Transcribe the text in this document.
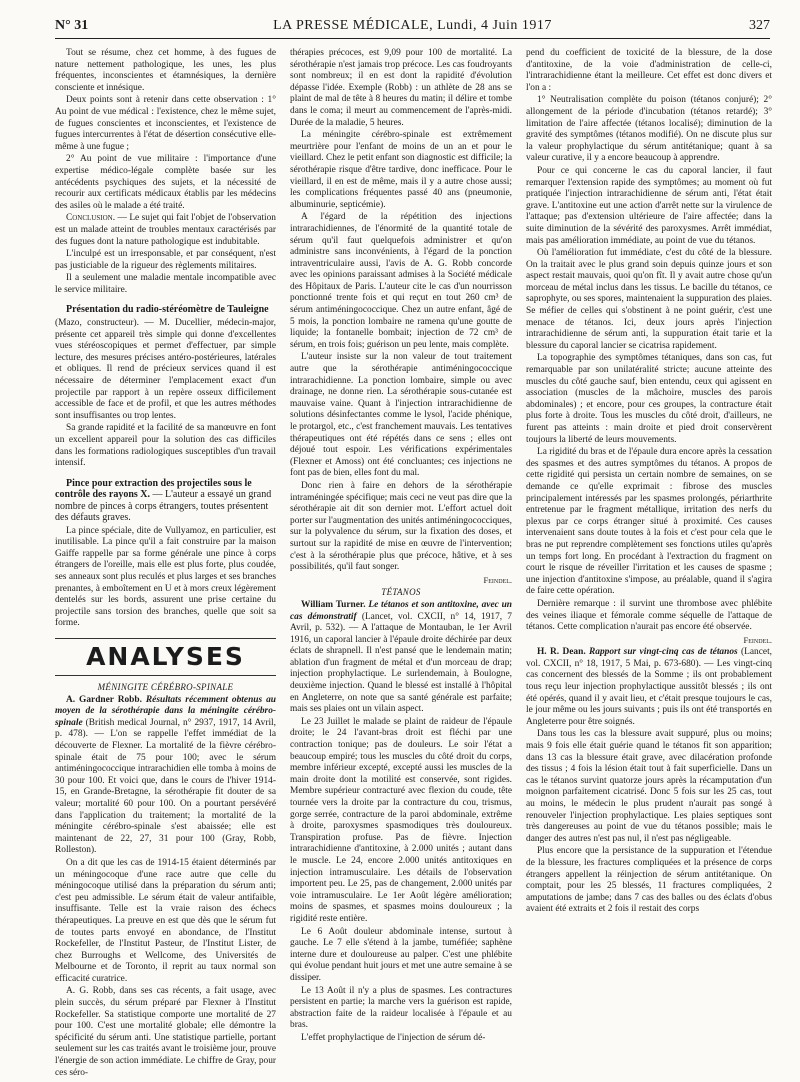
N° 31	LA PRESSE MÉDICALE, Lundi, 4 Juin 1917	327

Tout se résume, chez cet homme, à des fugues de nature nettement pathologique, les unes, les plus fréquentes, inconscientes et étamnésiques, la dernière consciente et innésique.

Deux points sont à retenir dans cette observation : 1° Au point de vue médical : l'existence, chez le même sujet, de fugues conscientes et inconscientes, et l'existence de fugues intercurrentes à l'état de désertion consécutive elle-même à une fugue ;

2° Au point de vue militaire : l'importance d'une expertise médico-légale complète basée sur les antécédents psychiques des sujets, et la nécessité de recourir aux certificats médicaux établis par les médecins des asiles où le malade a été traité.

Conclusion. — Le sujet qui fait l'objet de l'observation est un malade atteint de troubles mentaux caractérisés par des fugues dont la nature pathologique est indubitable.

L'inculpé est un irresponsable, et par conséquent, n'est pas justiciable de la rigueur des règlements militaires.

Il a seulement une maladie mentale incompatible avec le service militaire.

Présentation du radio-stéréomètre de Tauleigne

(Mazo, constructeur). — M. Ducellier, médecin-major, présente cet appareil très simple qui donne d'excellentes vues stéréoscopiques et permet d'effectuer, par simple lecture, des mesures précises antéro-postérieures, latérales et obliques. Il rend de précieux services quand il est nécessaire de déterminer l'emplacement exact d'un projectile par rapport à un repère osseux difficilement accessible de face et de profil, et que les autres méthodes sont insuffisantes ou trop lentes.

Sa grande rapidité et la facilité de sa manœuvre en font un excellent appareil pour la solution des cas difficiles dans les formations radiologiques susceptibles d'un travail intensif.

Pince pour extraction des projectiles sous le contrôle des rayons X. — L'auteur a essayé un grand nombre de pinces à corps étrangers, toutes présentent des défauts graves.

La pince spéciale, dite de Vullyamoz, en particulier, est inutilisable. La pince qu'il a fait construire par la maison Gaiffe rappelle par sa forme générale une pince à corps étrangers de l'oreille, mais elle est plus forte, plus coudée, ses anneaux sont plus reculés et plus larges et ses branches prenantes, à emboîtement en U et à mors creux légèrement dentelés sur les bords, assurent une prise certaine du projectile sans torsion des branches, quelle que soit sa forme.

ANALYSES

MÉNINGITE CÉRÉBRO-SPINALE

A. Gardner Robb. Résultats récemment obtenus au moyen de la sérothérapie dans la méningite cérébro-spinale (British medical Journal, n° 2937, 1917, 14 Avril, p. 478). — L'on se rappelle l'effet immédiat de la découverte de Flexner. La mortalité de la fièvre cérébro-spinale était de 75 pour 100; avec le sérum antiméningococcique intrarachidien elle tomba à moins de 30 pour 100. Et voici que, dans le cours de l'hiver 1914-15, en Grande-Bretagne, la sérothérapie fit douter de sa valeur; mortalité 60 pour 100. On a pourtant persévéré dans l'application du traitement; la mortalité de la méningite cérébro-spinale s'est abaissée; elle est maintenant de 22, 27, 31 pour 100 (Gray, Robb, Rolleston).

On a dit que les cas de 1914-15 étaient déterminés par un méningocoque d'une race autre que celle du méningocoque utilisé dans la préparation du sérum anti; c'est peu admissible. Le sérum était de valeur antifaible, insuffisante. Telle est la vraie raison des échecs thérapeutiques. La preuve en est que dès que le sérum fut de toutes parts envoyé en abondance, de l'Institut Rockefeller, de l'Institut Pasteur, de l'Institut Lister, de chez Burroughs et Wellcome, des Universités de Melbourne et de Toronto, il reprit au taux normal son efficacité curatrice.

A. G. Robb, dans ses cas récents, a fait usage, avec plein succès, du sérum préparé par Flexner à l'Institut Rockefeller. Sa statistique comporte une mortalité de 27 pour 100. C'est une mortalité globale; elle démontre la spécificité du sérum anti. Une statistique partielle, portant seulement sur les cas traités avant le troisième jour, prouve l'énergie de son action immédiate. Le chiffre de Gray, pour ces séro-

thérapies précoces, est 9,09 pour 100 de mortalité. La sérothérapie n'est jamais trop précoce. Les cas foudroyants sont nombreux; il en est dont la rapidité d'évolution dépasse l'idée. Exemple (Robb) : un athlète de 28 ans se plaint de mal de tête à 8 heures du matin; il délire et tombe dans le coma; il meurt au commencement de l'après-midi. Durée de la maladie, 5 heures.

La méningite cérébro-spinale est extrêmement meurtrière pour l'enfant de moins de un an et pour le vieillard. Chez le petit enfant son diagnostic est difficile; la sérothérapie risque d'être tardive, donc inefficace. Pour le vieillard, il en est de même, mais il y a autre chose aussi; les complications fréquentes passé 40 ans (pneumonie, albuminurie, septicémie).

A l'égard de la répétition des injections intrarachidiennes, de l'énormité de la quantité totale de sérum qu'il faut quelquefois administrer et qu'on administre sans inconvénients, à l'égard de la ponction intraventriculaire aussi, l'avis de A. G. Robb concorde avec les opinions paraissant admises à la Société médicale des Hôpitaux de Paris. L'auteur cite le cas d'un nourrisson ponctionné trente fois et qui reçut en tout 260 cm³ de sérum antiméningococcique. Chez un autre enfant, âgé de 5 mois, la ponction lombaire ne ramena qu'une goutte de liquide; la fontanelle bombait; injection de 72 cm³ de sérum, en trois fois; guérison un peu lente, mais complète.

L'auteur insiste sur la non valeur de tout traitement autre que la sérothérapie antiméningococcique intrarachidienne. La ponction lombaire, simple ou avec drainage, ne donne rien. La sérothérapie sous-cutanée est mauvaise vaine. Quant à l'injection intrarachidienne de solutions désinfectantes comme le lysol, l'acide phénique, le protargol, etc., c'est franchement mauvais. Les tentatives thérapeutiques ont été répétés dans ce sens ; elles ont déjoué tout espoir. Les vérifications expérimentales (Flexner et Amoss) ont été concluantes; ces injections ne font pas de bien, elles font du mal.

Donc rien à faire en dehors de la sérothérapie intraméningée spécifique; mais ceci ne veut pas dire que la sérothérapie ait dit son dernier mot. L'effort actuel doit porter sur l'augmentation des unités antiméningococciques, sur la polyvalence du sérum, sur la fixation des doses, et surtout sur la rapidité de mise en œuvre de l'intervention; c'est à la sérothérapie plus que précoce, hâtive, et à ses possibilités, qu'il faut songer.

Feindel.

TÉTANOS

William Turner. Le tétanos et son antitoxine, avec un cas démonstratif (Lancet, vol. CXCII, n° 14, 1917, 7 Avril, p. 532). — A l'attaque de Montauban, le 1er Avril 1916, un caporal lancier à l'épaule droite déchirée par deux éclats de shrapnell. Il n'est pansé que le lendemain matin; ablation d'un fragment de métal et d'un morceau de drap; injection prophylactique. Le surlendemain, à Boulogne, deuxième injection. Quand le blessé est installé à l'hôpital en Angleterre, on note que sa santé générale est parfaite; mais ses plaies ont un vilain aspect.

Le 23 Juillet le malade se plaint de raideur de l'épaule droite; le 24 l'avant-bras droit est fléchi par une contraction tonique; pas de douleurs. Le soir l'état a beaucoup empiré; tous les muscles du côté droit du corps, membre inférieur excepté, excepté aussi les muscles de la main droite dont la motilité est conservée, sont rigides. Membre supérieur contracturé avec flexion du coude, tête tournée vers la droite par la contracture du cou, trismus, gorge serrée, contracture de la paroi abdominale, extrême à droite, paroxysmes spasmodiques très douloureux. Transpiration profuse. Pas de fièvre. Injection intrarachidienne d'antitoxine, à 2.000 unités ; autant dans le muscle. Le 24, encore 2.000 unités antitoxiques en injection intramusculaire. Les détails de l'observation importent peu. Le 25, pas de changement, 2.000 unités par voie intramusculaire. Le 1er Août légère amélioration; moins de spasmes, et spasmes moins douloureux ; la rigidité reste entière.

Le 6 Août douleur abdominale intense, surtout à gauche. Le 7 elle s'étend à la jambe, tuméfiée; saphène interne dure et douloureuse au palper. C'est une phlébite qui évolue pendant huit jours et met une autre semaine à se dissiper.

Le 13 Août il n'y a plus de spasmes. Les contractures persistent en partie; la marche vers la guérison est rapide, abstraction faite de la raideur localisée à l'épaule et au bras.

L'effet prophylactique de l'injection de sérum dé-

pend du coefficient de toxicité de la blessure, de la dose d'antitoxine, de la voie d'administration de celle-ci, l'intrarachidienne étant la meilleure. Cet effet est donc divers et l'on a :

1° Neutralisation complète du poison (tétanos conjuré); 2° allongement de la période d'incubation (tétanos retardé); 3° limitation de l'aire affectée (tétanos localisé); diminution de la gravité des symptômes (tétanos modifié). On ne discute plus sur la valeur prophylactique du sérum antitétanique; quant à sa valeur curative, il y a encore beaucoup à apprendre.

Pour ce qui concerne le cas du caporal lancier, il faut remarquer l'extension rapide des symptômes; au moment où fut pratiquée l'injection intrarachidienne de sérum anti, l'état était grave. L'antitoxine eut une action d'arrêt nette sur la virulence de l'attaque; pas d'extension ultérieure de l'aire affectée; dans la suite diminution de la sévérité des paroxysmes. Arrêt immédiat, mais pas amélioration immédiate, au point de vue du tétanos.

Où l'amélioration fut immédiate, c'est du côté de la blessure. On la traitait avec le plus grand soin depuis quinze jours et son aspect restait mauvais, quoi qu'on fît. Il y avait autre chose qu'un morceau de métal inclus dans les tissus. Le bacille du tétanos, ce saprophyte, ou ses spores, maintenaient la suppuration des plaies. Se méfier de celles qui s'obstinent à ne point guérir, c'est une menace de tétanos. Ici, deux jours après l'injection intrarachidienne de sérum anti, la suppuration était tarie et la blessure du caporal lancier se cicatrisa rapidement.

La topographie des symptômes tétaniques, dans son cas, fut remarquable par son unilatéralité stricte; aucune atteinte des muscles du côté gauche sauf, bien entendu, ceux qui agissent en association (muscles de la mâchoire, muscles des parois abdominales) ; et encore, pour ces groupes, la contracture était plus forte à droite. Tous les muscles du côté droit, d'ailleurs, ne furent pas atteints : main droite et pied droit conservèrent toujours la liberté de leurs mouvements.

La rigidité du bras et de l'épaule dura encore après la cessation des spasmes et des autres symptômes du tétanos. A propos de cette rigidité qui persista un certain nombre de semaines, on se demande ce qu'elle exprimait : fibrose des muscles principalement intéressés par les spasmes prolongés, périarthrite entretenue par le fragment métallique, irritation des nerfs du plexus par ce corps étranger situé à proximité. Ces causes intervenaient sans doute toutes à la fois et c'est pour cela que le bras ne put reprendre complètement ses fonctions utiles qu'après un temps fort long. En procédant à l'extraction du fragment on court le risque de réveiller l'irritation et les causes de spasme ; une injection d'antitoxine s'impose, au préalable, quand il s'agira de faire cette opération.

Dernière remarque : il survint une thrombose avec phlébite des veines iliaque et fémorale comme séquelle de l'attaque de tétanos. Cette complication n'aurait pas encore été observée.

Feindel.

H. R. Dean. Rapport sur vingt-cinq cas de tétanos (Lancet, vol. CXCII, n° 18, 1917, 5 Mai, p. 673-680). — Les vingt-cinq cas concernent des blessés de la Somme ; ils ont probablement tous reçu leur injection prophylactique aussitôt blessés ; ils ont été opérés, quand il y avait lieu, et c'était presque toujours le cas, le jour même ou les jours suivants ; puis ils ont été transportés en Angleterre pour être soignés.

Dans tous les cas la blessure avait suppuré, plus ou moins; mais 9 fois elle était guérie quand le tétanos fit son apparition; dans 13 cas la blessure était grave, avec dilacération profonde des tissus ; 4 fois la lésion était tout à fait superficielle. Dans un cas le tétanos survint quatorze jours après la récamputation d'un moignon parfaitement cicatrisé. Donc 5 fois sur les 25 cas, tout au moins, le médecin le plus prudent n'aurait pas songé à renouveler l'injection prophylactique. Les plaies septiques sont très dangereuses au point de vue du tétanos possible; mais le danger des autres n'est pas nul, il n'est pas négligeable.

Plus encore que la persistance de la suppuration et l'étendue de la blessure, les fractures compliquées et la présence de corps étrangers appellent la réinjection de sérum antitétanique. On comptait, pour les 25 blessés, 11 fractures compliquées, 2 amputations de jambe; dans 7 cas des balles ou des éclats d'obus avaient été extraits et 2 fois il restait des corps
